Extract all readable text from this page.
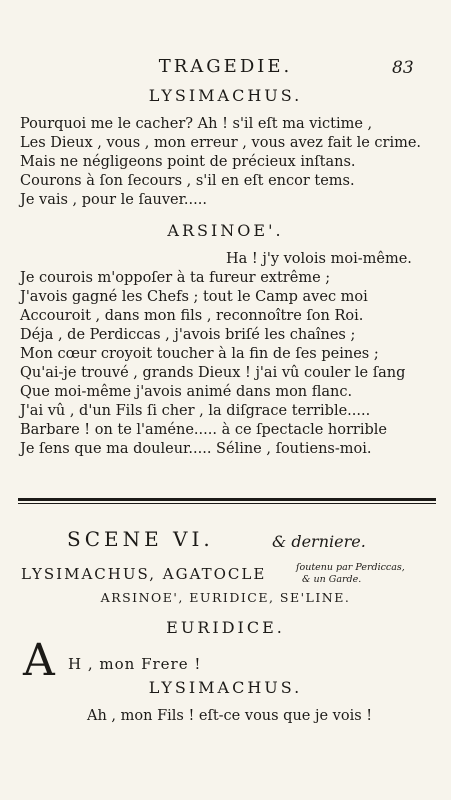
TRAGEDIE.	83
LYSIMACHUS.
Pourquoi me le cacher? Ah ! s'il eſt ma victime ,
Les Dieux , vous , mon erreur , vous avez fait le crime.
Mais ne négligeons point de précieux inſtans.
Courons à ſon ſecours , s'il en eſt encor tems.
Je vais , pour le ſauver.....
ARSINOE'.
Ha ! j'y volois moi-même.
Je courois m'oppoſer à ta fureur extrême ;
J'avois gagné les Chefs ; tout le Camp avec moi
Accouroit , dans mon fils , reconnoître ſon Roi.
Déja , de Perdiccas , j'avois briſé les chaînes ;
Mon cœur croyoit toucher à la fin de ſes peines ;
Qu'ai-je trouvé , grands Dieux ! j'ai vû couler le ſang
Que moi-même j'avois animé dans mon flanc.
J'ai vû , d'un Fils ſi cher , la diſgrace terrible.....
Barbare ! on te l'améne..... à ce ſpectacle horrible
Je ſens que ma douleur..... Séline , ſoutiens-moi.
SCENE VI.	& derniere.
LYSIMACHUS, AGATOCLE	ſoutenu par Perdiccas,
& un Garde.
ARSINOE', EURIDICE, SE'LINE.
EURIDICE.
A H , mon Frere !
LYSIMACHUS.
Ah , mon Fils ! eſt-ce vous que je vois !
